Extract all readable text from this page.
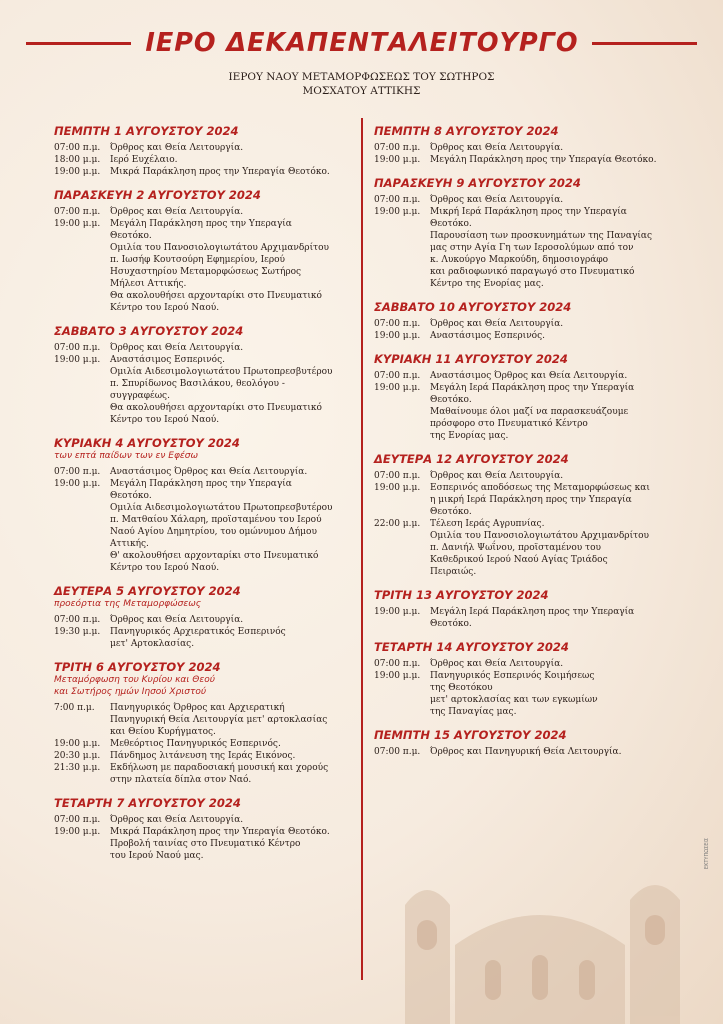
ΙΕΡΟ ΔΕΚΑΠΕΝΤΑΛΕΙΤΟΥΡΓΟ
ΙΕΡΟΥ ΝΑΟΥ ΜΕΤΑΜΟΡΦΩΣΕΩΣ ΤΟΥ ΣΩΤΗΡΟΣ
ΜΟΣΧΑΤΟΥ ΑΤΤΙΚΗΣ
ΠΕΜΠΤΗ 1 ΑΥΓΟΥΣΤΟΥ 2024
07:00 π.μ.	Όρθρος και Θεία Λειτουργία.
18:00 μ.μ.	Ιερό Ευχέλαιο.
19:00 μ.μ.	Μικρά Παράκληση προς την Υπεραγία Θεοτόκο.
ΠΑΡΑΣΚΕΥΗ 2 ΑΥΓΟΥΣΤΟΥ 2024
07:00 π.μ.	Όρθρος και Θεία Λειτουργία.
19:00 μ.μ.	Μεγάλη Παράκληση προς την Υπεραγία
Θεοτόκο.
Ομιλία του Πανοσιολογιωτάτου Αρχιμανδρίτου
π. Ιωσήφ Κουτσούρη Εφημερίου, Ιερού
Ησυχαστηρίου Μεταμορφώσεως Σωτήρος
Μήλεσι Αττικής.
Θα ακολουθήσει αρχονταρίκι στο Πνευματικό
Κέντρο του Ιερού Ναού.
ΣΑΒΒΑΤΟ 3 ΑΥΓΟΥΣΤΟΥ 2024
07:00 π.μ.	Όρθρος και Θεία Λειτουργία.
19:00 μ.μ.	Αναστάσιμος Εσπερινός.
Ομιλία Αιδεσιμολογιωτάτου Πρωτοπρεσβυτέρου
π. Σπυρίδωνος Βασιλάκου, θεολόγου -
συγγραφέως.
Θα ακολουθήσει αρχονταρίκι στο Πνευματικό
Κέντρο του Ιερού Ναού.
ΚΥΡΙΑΚΗ 4 ΑΥΓΟΥΣΤΟΥ 2024
των επτά παίδων των εν Εφέσω
07:00 π.μ.	Αναστάσιμος Όρθρος και Θεία Λειτουργία.
19:00 μ.μ.	Μεγάλη Παράκληση προς την Υπεραγία
Θεοτόκο.
Ομιλία Αιδεσιμολογιωτάτου Πρωτοπρεσβυτέρου
π. Ματθαίου Χάλαρη, προϊσταμένου του Ιερού
Ναού Αγίου Δημητρίου, του ομώνυμου Δήμου
Αττικής.
Θ' ακολουθήσει αρχονταρίκι στο Πνευματικό
Κέντρο του Ιερού Ναού.
ΔΕΥΤΕΡΑ 5 ΑΥΓΟΥΣΤΟΥ 2024
προεόρτια της Μεταμορφώσεως
07:00 π.μ.	Όρθρος και Θεία Λειτουργία.
19:30 μ.μ.	Πανηγυρικός Αρχιερατικός Εσπερινός
μετ' Αρτοκλασίας.
ΤΡΙΤΗ 6 ΑΥΓΟΥΣΤΟΥ 2024
Μεταμόρφωση του Κυρίου και Θεού
και Σωτήρος ημών Ιησού Χριστού
7:00 π.μ.	Πανηγυρικός Όρθρος και Αρχιερατική
Πανηγυρική Θεία Λειτουργία μετ' αρτοκλασίας
και Θείου Κυρήγματος.
19:00 μ.μ.	Μεθεόρτιος Πανηγυρικός Εσπερινός.
20:30 μ.μ.	Πάνδημος λιτάνευση της Ιεράς Εικόνος.
21:30 μ.μ.	Εκδήλωση με παραδοσιακή μουσική και χορούς
στην πλατεία δίπλα στον Ναό.
ΤΕΤΑΡΤΗ 7 ΑΥΓΟΥΣΤΟΥ 2024
07:00 π.μ.	Όρθρος και Θεία Λειτουργία.
19:00 μ.μ.	Μικρά Παράκληση προς την Υπεραγία Θεοτόκο.
Προβολή ταινίας στο Πνευματικό Κέντρο
του Ιερού Ναού μας.
ΠΕΜΠΤΗ 8 ΑΥΓΟΥΣΤΟΥ 2024
07:00 π.μ.	Όρθρος και Θεία Λειτουργία.
19:00 μ.μ.	Μεγάλη Παράκληση προς την Υπεραγία Θεοτόκο.
ΠΑΡΑΣΚΕΥΗ 9 ΑΥΓΟΥΣΤΟΥ 2024
07:00 π.μ.	Όρθρος και Θεία Λειτουργία.
19:00 μ.μ.	Μικρή Ιερά Παράκληση προς την Υπεραγία
Θεοτόκο.
Παρουσίαση των προσκυνημάτων της Παναγίας
μας στην Αγία Γη των Ιεροσολύμων από τον
κ. Λυκούργο Μαρκούδη, δημοσιογράφο
και ραδιοφωνικό παραγωγό στο Πνευματικό
Κέντρο της Ενορίας μας.
ΣΑΒΒΑΤΟ 10 ΑΥΓΟΥΣΤΟΥ 2024
07:00 π.μ.	Όρθρος και Θεία Λειτουργία.
19:00 μ.μ.	Αναστάσιμος Εσπερινός.
ΚΥΡΙΑΚΗ 11 ΑΥΓΟΥΣΤΟΥ 2024
07:00 π.μ.	Αναστάσιμος Όρθρος και Θεία Λειτουργία.
19:00 μ.μ.	Μεγάλη Ιερά Παράκληση προς την Υπεραγία
Θεοτόκο.
Μαθαίνουμε όλοι μαζί να παρασκευάζουμε
πρόσφορο στο Πνευματικό Κέντρο
της Ενορίας μας.
ΔΕΥΤΕΡΑ 12 ΑΥΓΟΥΣΤΟΥ 2024
07:00 π.μ.	Όρθρος και Θεία Λειτουργία.
19:00 μ.μ.	Εσπερινός αποδόσεως της Μεταμορφώσεως και
η μικρή Ιερά Παράκληση προς την Υπεραγία
Θεοτόκο.
22:00 μ.μ.	Τέλεση Ιεράς Αγρυπνίας.
Ομιλία του Πανοσιολογιωτάτου Αρχιμανδρίτου
π. Δανιήλ Ψωΐνου, προϊσταμένου του
Καθεδρικού Ιερού Ναού Αγίας Τριάδος
Πειραιώς.
ΤΡΙΤΗ 13 ΑΥΓΟΥΣΤΟΥ 2024
19:00 μ.μ.	Μεγάλη Ιερά Παράκληση προς την Υπεραγία
Θεοτόκο.
ΤΕΤΑΡΤΗ 14 ΑΥΓΟΥΣΤΟΥ 2024
07:00 π.μ.	Όρθρος και Θεία Λειτουργία.
19:00 μ.μ.	Πανηγυρικός Εσπερινός Κοιμήσεως
της Θεοτόκου
μετ' αρτοκλασίας και των εγκωμίων
της Παναγίας μας.
ΠΕΜΠΤΗ 15 ΑΥΓΟΥΣΤΟΥ 2024
07:00 π.μ.	Όρθρος και Πανηγυρική Θεία Λειτουργία.
ΕΚΤΥΠΩΣΕΙΣ
